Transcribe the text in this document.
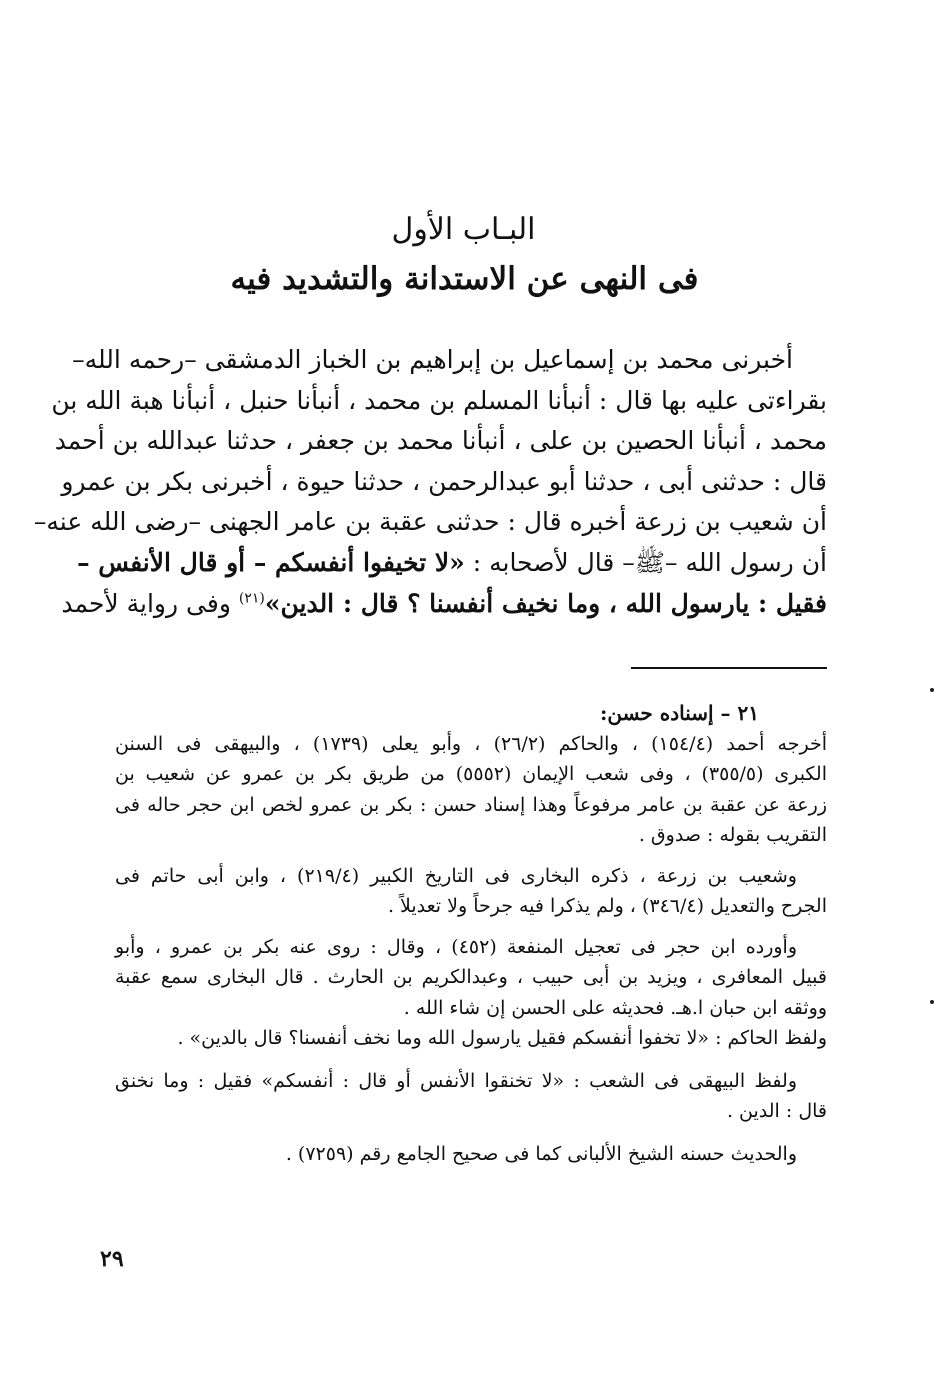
البـاب الأول

فى النهى عن الاستدانة والتشديد فيه

أخبرنى محمد بن إسماعيل بن إبراهيم بن الخباز الدمشقى –رحمه الله–
بقراءتى عليه بها قال : أنبأنا المسلم بن محمد ، أنبأنا حنبل ، أنبأنا هبة الله بن
محمد ، أنبأنا الحصين بن على ، أنبأنا محمد بن جعفر ، حدثنا عبدالله بن أحمد
قال : حدثنى أبى ، حدثنا أبو عبدالرحمن ، حدثنا حيوة ، أخبرنى بكر بن عمرو
أن شعيب بن زرعة أخبره قال : حدثنى عقبة بن عامر الجهنى –رضى الله عنه–
أن رسول الله –ﷺ– قال لأصحابه : «لا تخيفوا أنفسكم – أو قال الأنفس –
فقيل : يارسول الله ، وما نخيف أنفسنا ؟ قال : الدين»$^{(٢١)}$ وفى رواية لأحمد
٢١ – إسناده حسن:
أخرجه أحمد (١٥٤/٤) ، والحاكم (٢٦/٢) ، وأبو يعلى (١٧٣٩) ، والبيهقى فى السنن
الكبرى (٣٥٥/٥) ، وفى شعب الإيمان (٥٥٥٢) من طريق بكر بن عمرو عن شعيب بن
زرعة عن عقبة بن عامر مرفوعاً وهذا إسناد حسن : بكر بن عمرو لخص ابن حجر حاله فى
التقريب بقوله : صدوق .
وشعيب بن زرعة ، ذكره البخارى فى التاريخ الكبير (٢١٩/٤) ، وابن أبى حاتم فى
الجرح والتعديل (٣٤٦/٤) ، ولم يذكرا فيه جرحاً ولا تعديلاً .
وأورده ابن حجر فى تعجيل المنفعة (٤٥٢) ، وقال : روى عنه بكر بن عمرو ، وأبو
قبيل المعافرى ، ويزيد بن أبى حبيب ، وعبدالكريم بن الحارث . قال البخارى سمع عقبة
ووثقه ابن حبان ا.هـ. فحديثه على الحسن إن شاء الله .
ولفظ الحاكم : «لا تخفوا أنفسكم فقيل يارسول الله وما نخف أنفسنا؟ قال بالدين» .
ولفظ البيهقى فى الشعب : «لا تخنقوا الأنفس أو قال : أنفسكم» فقيل : وما نخنق
قال : الدين .
والحديث حسنه الشيخ الألبانى كما فى صحيح الجامع رقم (٧٢٥٩) .
٢٩
